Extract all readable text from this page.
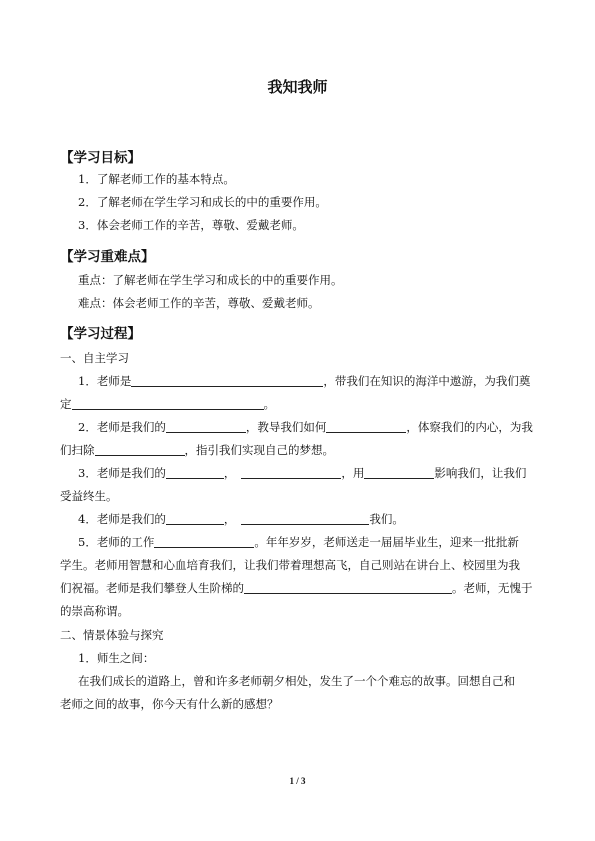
我知我师
【学习目标】
1．了解老师工作的基本特点。
2．了解老师在学生学习和成长的中的重要作用。
3．体会老师工作的辛苦，尊敬、爱戴老师。
【学习重难点】
重点：了解老师在学生学习和成长的中的重要作用。
难点：体会老师工作的辛苦，尊敬、爱戴老师。
【学习过程】
一、自主学习
1．老师是	，带我们在知识的海洋中遨游，为我们奠
定	。
2．老师是我们的	，教导我们如何	，体察我们的内心，为我
们扫除	，指引我们实现自己的梦想。
3．老师是我们的	，	，用	影响我们，让我们
受益终生。
4．老师是我们的	，	我们。
5．老师的工作	。年年岁岁，老师送走一届届毕业生，迎来一批批新
学生。老师用智慧和心血培育我们，让我们带着理想高飞，自己则站在讲台上、校园里为我
们祝福。老师是我们攀登人生阶梯的	。老师，无愧于
的崇高称谓。
二、情景体验与探究
1．师生之间：
在我们成长的道路上，曾和许多老师朝夕相处，发生了一个个难忘的故事。回想自己和
老师之间的故事，你今天有什么新的感想？
1 / 3
